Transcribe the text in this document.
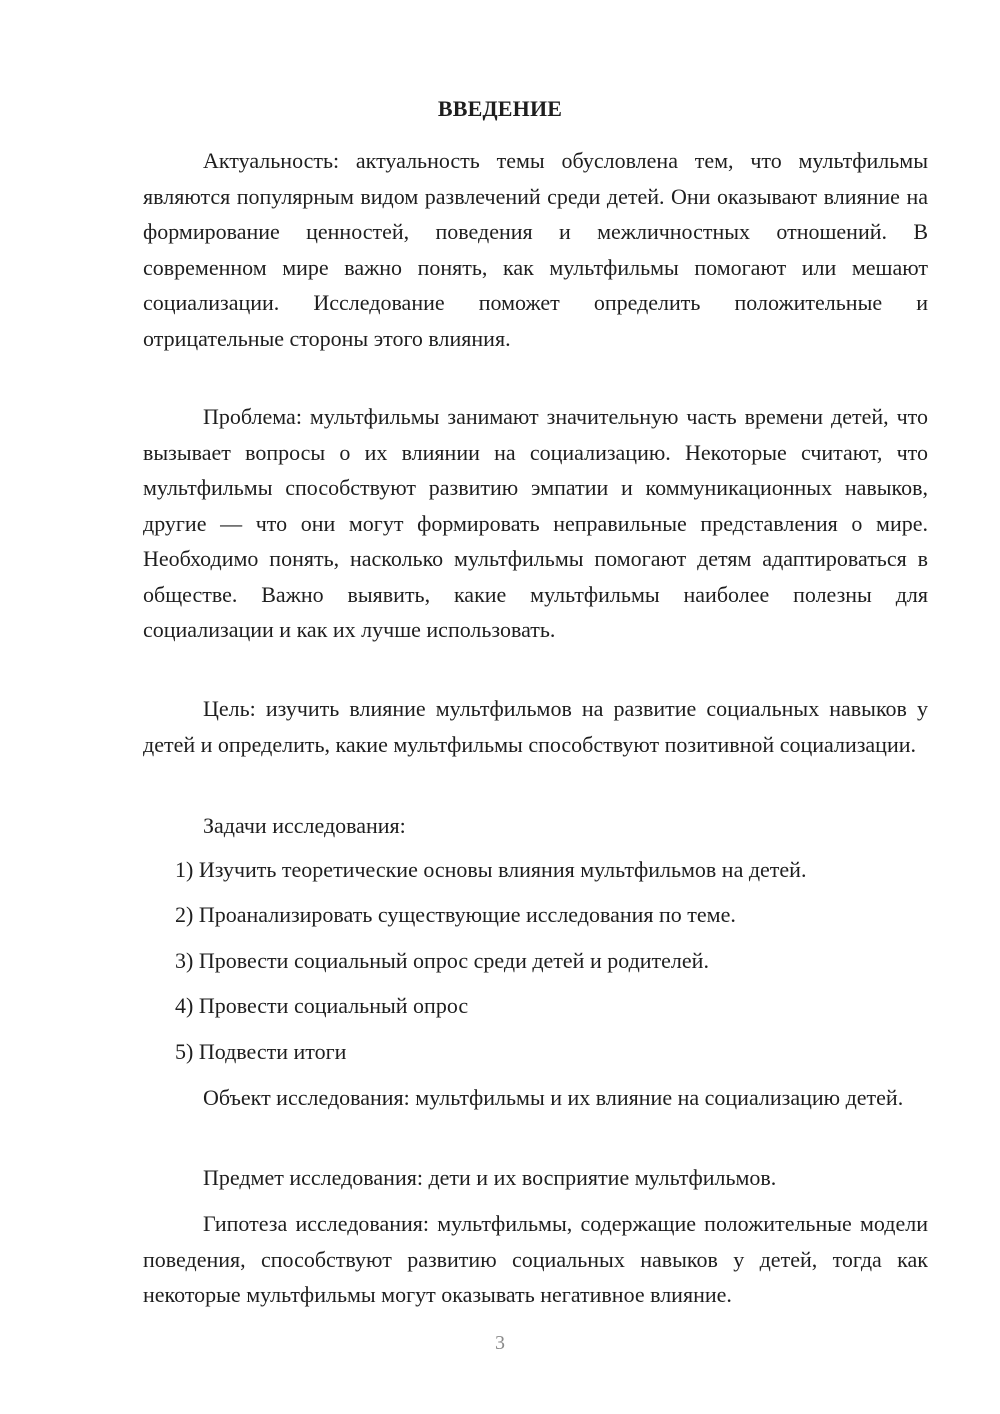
ВВЕДЕНИЕ

Актуальность: актуальность темы обусловлена тем, что мультфильмы являются популярным видом развлечений среди детей. Они оказывают влияние на формирование ценностей, поведения и межличностных отношений. В современном мире важно понять, как мультфильмы помогают или мешают социализации. Исследование поможет определить положительные и отрицательные стороны этого влияния.

Проблема: мультфильмы занимают значительную часть времени детей, что вызывает вопросы о их влиянии на социализацию. Некоторые считают, что мультфильмы способствуют развитию эмпатии и коммуникационных навыков, другие — что они могут формировать неправильные представления о мире. Необходимо понять, насколько мультфильмы помогают детям адаптироваться в обществе. Важно выявить, какие мультфильмы наиболее полезны для социализации и как их лучше использовать.

Цель: изучить влияние мультфильмов на развитие социальных навыков у детей и определить, какие мультфильмы способствуют позитивной социализации.

Задачи исследования:
1) Изучить теоретические основы влияния мультфильмов на детей.
2) Проанализировать существующие исследования по теме.
3) Провести социальный опрос среди детей и родителей.
4) Провести социальный опрос
5) Подвести итоги

Объект исследования: мультфильмы и их влияние на социализацию детей.

Предмет исследования: дети и их восприятие мультфильмов.

Гипотеза исследования: мультфильмы, содержащие положительные модели поведения, способствуют развитию социальных навыков у детей, тогда как некоторые мультфильмы могут оказывать негативное влияние.

3
